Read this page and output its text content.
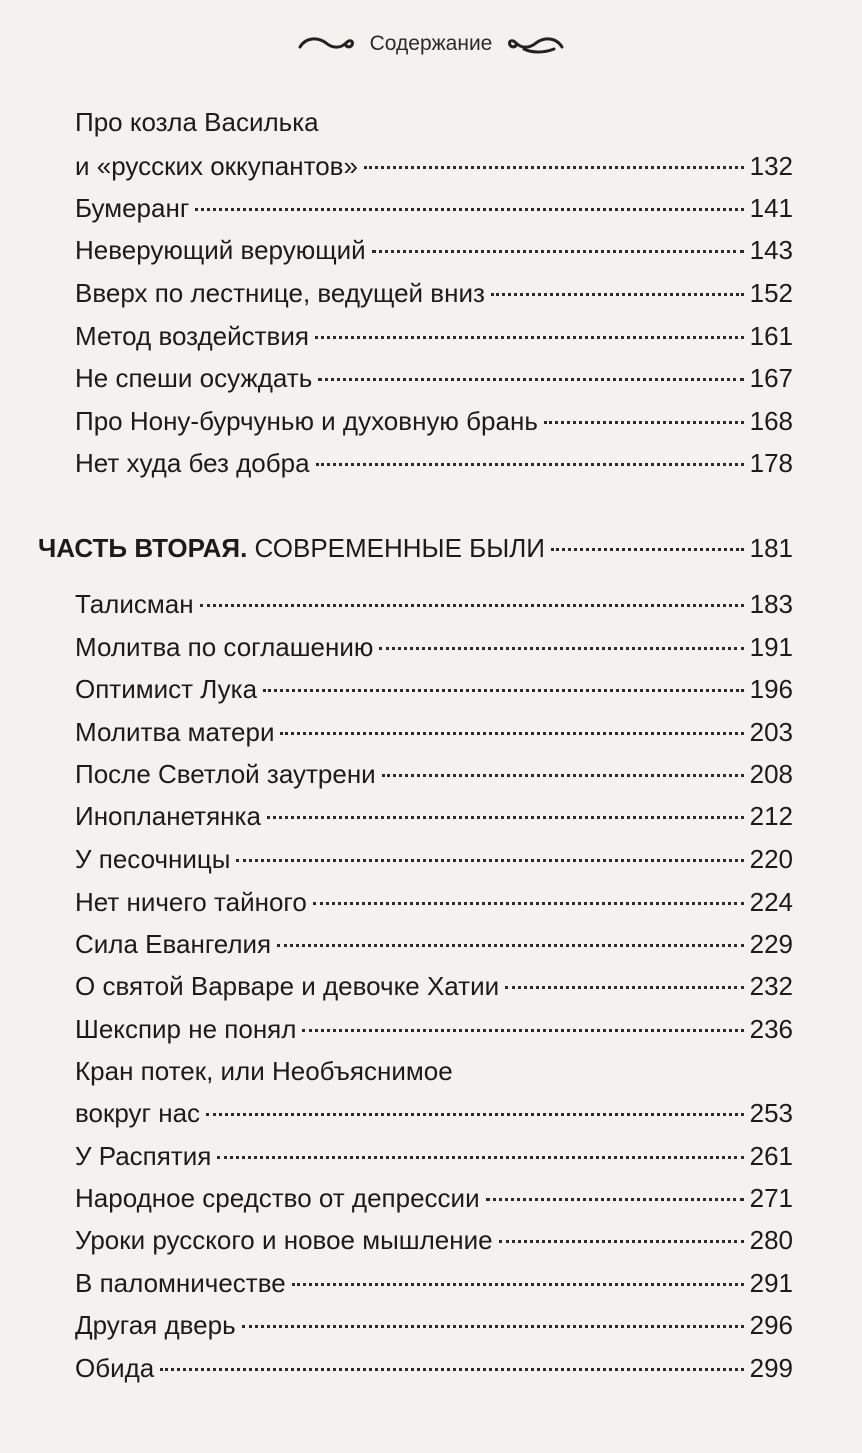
Содержание
Про козла Василька
и «русских оккупантов»	132
Бумеранг	141
Неверующий верующий	143
Вверх по лестнице, ведущей вниз	152
Метод воздействия	161
Не спеши осуждать	167
Про Нону-бурчунью и духовную брань	168
Нет худа без добра	178
ЧАСТЬ ВТОРАЯ. СОВРЕМЕННЫЕ БЫЛИ	181
Талисман	183
Молитва по соглашению	191
Оптимист Лука	196
Молитва матери	203
После Светлой заутрени	208
Инопланетянка	212
У песочницы	220
Нет ничего тайного	224
Сила Евангелия	229
О святой Варваре и девочке Хатии	232
Шекспир не понял	236
Кран потек, или Необъяснимое
вокруг нас	253
У Распятия	261
Народное средство от депрессии	271
Уроки русского и новое мышление	280
В паломничестве	291
Другая дверь	296
Обида	299
